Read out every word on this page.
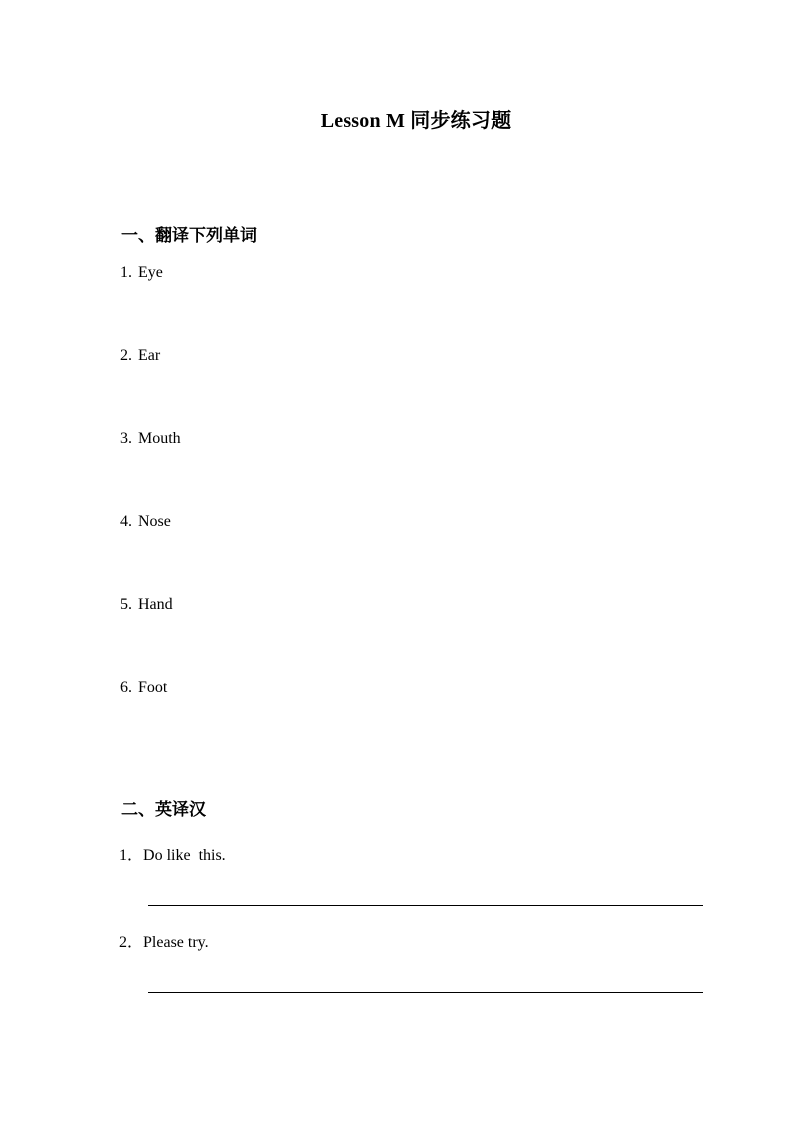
Lesson M 同步练习题
一、翻译下列单词
1. Eye
2. Ear
3. Mouth
4. Nose
5. Hand
6. Foot
二、英译汉
1．Do like  this.
2．Please try.
